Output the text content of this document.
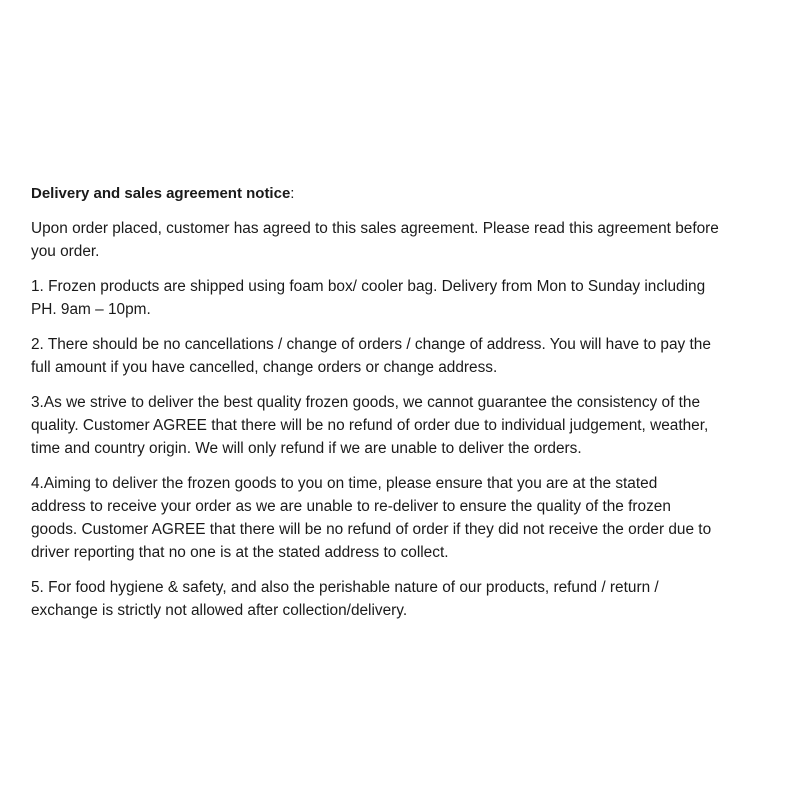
Delivery and sales agreement notice:

Upon order placed, customer has agreed to this sales agreement. Please read this agreement before
you order.

1. Frozen products are shipped using foam box/ cooler bag. Delivery from Mon to Sunday including
PH. 9am – 10pm.

2. There should be no cancellations / change of orders / change of address. You will have to pay the
full amount if you have cancelled, change orders or change address.

3.As we strive to deliver the best quality frozen goods, we cannot guarantee the consistency of the
quality. Customer AGREE that there will be no refund of order due to individual judgement, weather,
time and country origin. We will only refund if we are unable to deliver the orders.

4.Aiming to deliver the frozen goods to you on time, please ensure that you are at the stated
address to receive your order as we are unable to re-deliver to ensure the quality of the frozen
goods. Customer AGREE that there will be no refund of order if they did not receive the order due to
driver reporting that no one is at the stated address to collect.

5. For food hygiene & safety, and also the perishable nature of our products, refund / return /
exchange is strictly not allowed after collection/delivery.
